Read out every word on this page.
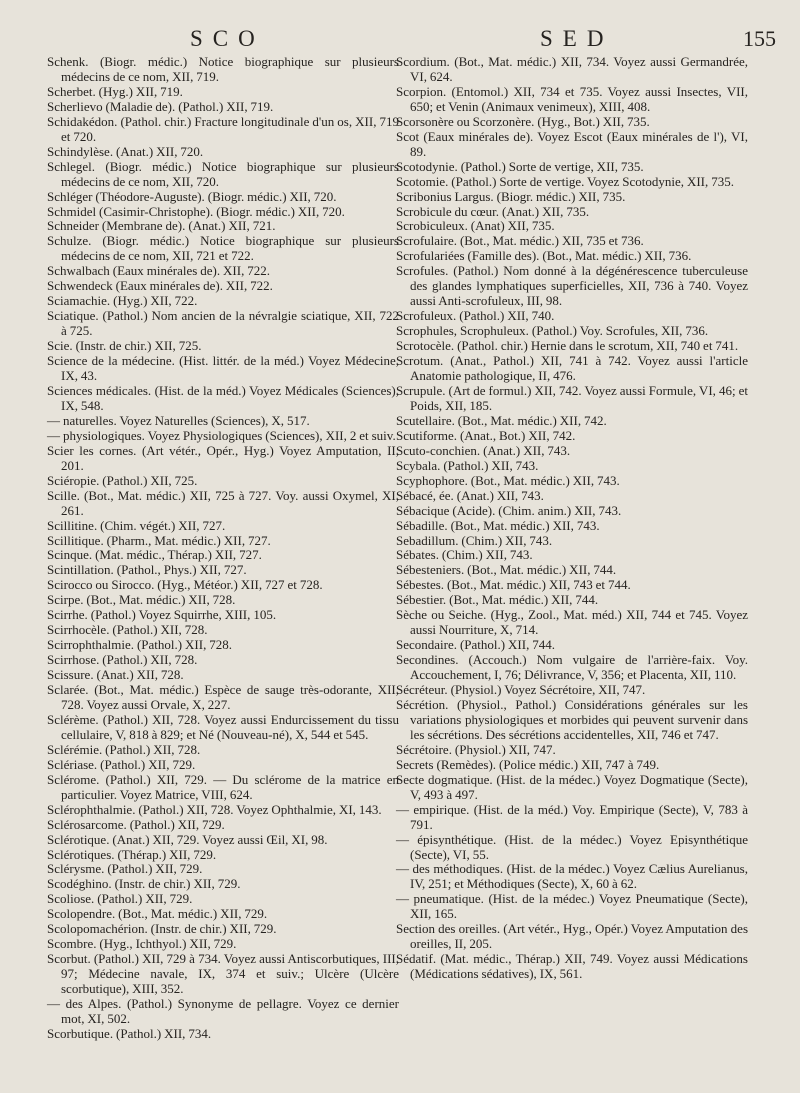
SCO	SED	155

Schenk. (Biogr. médic.) Notice biographique sur plusieurs médecins de ce nom, XII, 719.

Scherbet. (Hyg.) XII, 719.

Scherlievo (Maladie de). (Pathol.) XII, 719.

Schidakédon. (Pathol. chir.) Fracture longitudinale d'un os, XII, 719 et 720.

Schindylèse. (Anat.) XII, 720.

Schlegel. (Biogr. médic.) Notice biographique sur plusieurs médecins de ce nom, XII, 720.

Schléger (Théodore-Auguste). (Biogr. médic.) XII, 720.

Schmidel (Casimir-Christophe). (Biogr. médic.) XII, 720.

Schneider (Membrane de). (Anat.) XII, 721.

Schulze. (Biogr. médic.) Notice biographique sur plusieurs médecins de ce nom, XII, 721 et 722.

Schwalbach (Eaux minérales de). XII, 722.

Schwendeck (Eaux minérales de). XII, 722.

Sciamachie. (Hyg.) XII, 722.

Sciatique. (Pathol.) Nom ancien de la névralgie sciatique, XII, 722 à 725.

Scie. (Instr. de chir.) XII, 725.

Science de la médecine. (Hist. littér. de la méd.) Voyez Médecine, IX, 43.

Sciences médicales. (Hist. de la méd.) Voyez Médicales (Sciences), IX, 548.

— naturelles. Voyez Naturelles (Sciences), X, 517.

— physiologiques. Voyez Physiologiques (Sciences), XII, 2 et suiv.

Scier les cornes. (Art vétér., Opér., Hyg.) Voyez Amputation, II, 201.

Sciéropie. (Pathol.) XII, 725.

Scille. (Bot., Mat. médic.) XII, 725 à 727. Voy. aussi Oxymel, XI, 261.

Scillitine. (Chim. végét.) XII, 727.

Scillitique. (Pharm., Mat. médic.) XII, 727.

Scinque. (Mat. médic., Thérap.) XII, 727.

Scintillation. (Pathol., Phys.) XII, 727.

Scirocco ou Sirocco. (Hyg., Météor.) XII, 727 et 728.

Scirpe. (Bot., Mat. médic.) XII, 728.

Scirrhe. (Pathol.) Voyez Squirrhe, XIII, 105.

Scirrhocèle. (Pathol.) XII, 728.

Scirrophthalmie. (Pathol.) XII, 728.

Scirrhose. (Pathol.) XII, 728.

Scissure. (Anat.) XII, 728.

Sclarée. (Bot., Mat. médic.) Espèce de sauge très-odorante, XII, 728. Voyez aussi Orvale, X, 227.

Sclérème. (Pathol.) XII, 728. Voyez aussi Endurcissement du tissu cellulaire, V, 818 à 829; et Né (Nouveau-né), X, 544 et 545.

Sclérémie. (Pathol.) XII, 728.

Sclériase. (Pathol.) XII, 729.

Sclérome. (Pathol.) XII, 729. — Du sclérome de la matrice en particulier. Voyez Matrice, VIII, 624.

Sclérophthalmie. (Pathol.) XII, 728. Voyez Ophthalmie, XI, 143.

Sclérosarcome. (Pathol.) XII, 729.

Sclérotique. (Anat.) XII, 729. Voyez aussi Œil, XI, 98.

Sclérotiques. (Thérap.) XII, 729.

Sclérysme. (Pathol.) XII, 729.

Scodéghino. (Instr. de chir.) XII, 729.

Scoliose. (Pathol.) XII, 729.

Scolopendre. (Bot., Mat. médic.) XII, 729.

Scolopomachérion. (Instr. de chir.) XII, 729.

Scombre. (Hyg., Ichthyol.) XII, 729.

Scorbut. (Pathol.) XII, 729 à 734. Voyez aussi Antiscorbutiques, III, 97; Médecine navale, IX, 374 et suiv.; Ulcère (Ulcère scorbutique), XIII, 352.

— des Alpes. (Pathol.) Synonyme de pellagre. Voyez ce dernier mot, XI, 502.

Scorbutique. (Pathol.) XII, 734.

Scordium. (Bot., Mat. médic.) XII, 734. Voyez aussi Germandrée, VI, 624.

Scorpion. (Entomol.) XII, 734 et 735. Voyez aussi Insectes, VII, 650; et Venin (Animaux venimeux), XIII, 408.

Scorsonère ou Scorzonère. (Hyg., Bot.) XII, 735.

Scot (Eaux minérales de). Voyez Escot (Eaux minérales de l'), VI, 89.

Scotodynie. (Pathol.) Sorte de vertige, XII, 735.

Scotomie. (Pathol.) Sorte de vertige. Voyez Scotodynie, XII, 735.

Scribonius Largus. (Biogr. médic.) XII, 735.

Scrobicule du cœur. (Anat.) XII, 735.

Scrobiculeux. (Anat) XII, 735.

Scrofulaire. (Bot., Mat. médic.) XII, 735 et 736.

Scrofulariées (Famille des). (Bot., Mat. médic.) XII, 736.

Scrofules. (Pathol.) Nom donné à la dégénérescence tuberculeuse des glandes lymphatiques superficielles, XII, 736 à 740. Voyez aussi Anti-scrofuleux, III, 98.

Scrofuleux. (Pathol.) XII, 740.

Scrophules, Scrophuleux. (Pathol.) Voy. Scrofules, XII, 736.

Scrotocèle. (Pathol. chir.) Hernie dans le scrotum, XII, 740 et 741.

Scrotum. (Anat., Pathol.) XII, 741 à 742. Voyez aussi l'article Anatomie pathologique, II, 476.

Scrupule. (Art de formul.) XII, 742. Voyez aussi Formule, VI, 46; et Poids, XII, 185.

Scutellaire. (Bot., Mat. médic.) XII, 742.

Scutiforme. (Anat., Bot.) XII, 742.

Scuto-conchien. (Anat.) XII, 743.

Scybala. (Pathol.) XII, 743.

Scyphophore. (Bot., Mat. médic.) XII, 743.

Sébacé, ée. (Anat.) XII, 743.

Sébacique (Acide). (Chim. anim.) XII, 743.

Sébadille. (Bot., Mat. médic.) XII, 743.

Sebadillum. (Chim.) XII, 743.

Sébates. (Chim.) XII, 743.

Sébesteniers. (Bot., Mat. médic.) XII, 744.

Sébestes. (Bot., Mat. médic.) XII, 743 et 744.

Sébestier. (Bot., Mat. médic.) XII, 744.

Sèche ou Seiche. (Hyg., Zool., Mat. méd.) XII, 744 et 745. Voyez aussi Nourriture, X, 714.

Secondaire. (Pathol.) XII, 744.

Secondines. (Accouch.) Nom vulgaire de l'arrière-faix. Voy. Accouchement, I, 76; Délivrance, V, 356; et Placenta, XII, 110.

Sécréteur. (Physiol.) Voyez Sécrétoire, XII, 747.

Sécrétion. (Physiol., Pathol.) Considérations générales sur les variations physiologiques et morbides qui peuvent survenir dans les sécrétions. Des sécrétions accidentelles, XII, 746 et 747.

Sécrétoire. (Physiol.) XII, 747.

Secrets (Remèdes). (Police médic.) XII, 747 à 749.

Secte dogmatique. (Hist. de la médec.) Voyez Dogmatique (Secte), V, 493 à 497.

— empirique. (Hist. de la méd.) Voy. Empirique (Secte), V, 783 à 791.

— épisynthétique. (Hist. de la médec.) Voyez Episynthétique (Secte), VI, 55.

— des méthodiques. (Hist. de la médec.) Voyez Cælius Aurelianus, IV, 251; et Méthodiques (Secte), X, 60 à 62.

— pneumatique. (Hist. de la médec.) Voyez Pneumatique (Secte), XII, 165.

Section des oreilles. (Art vétér., Hyg., Opér.) Voyez Amputation des oreilles, II, 205.

Sédatif. (Mat. médic., Thérap.) XII, 749. Voyez aussi Médications (Médications sédatives), IX, 561.
